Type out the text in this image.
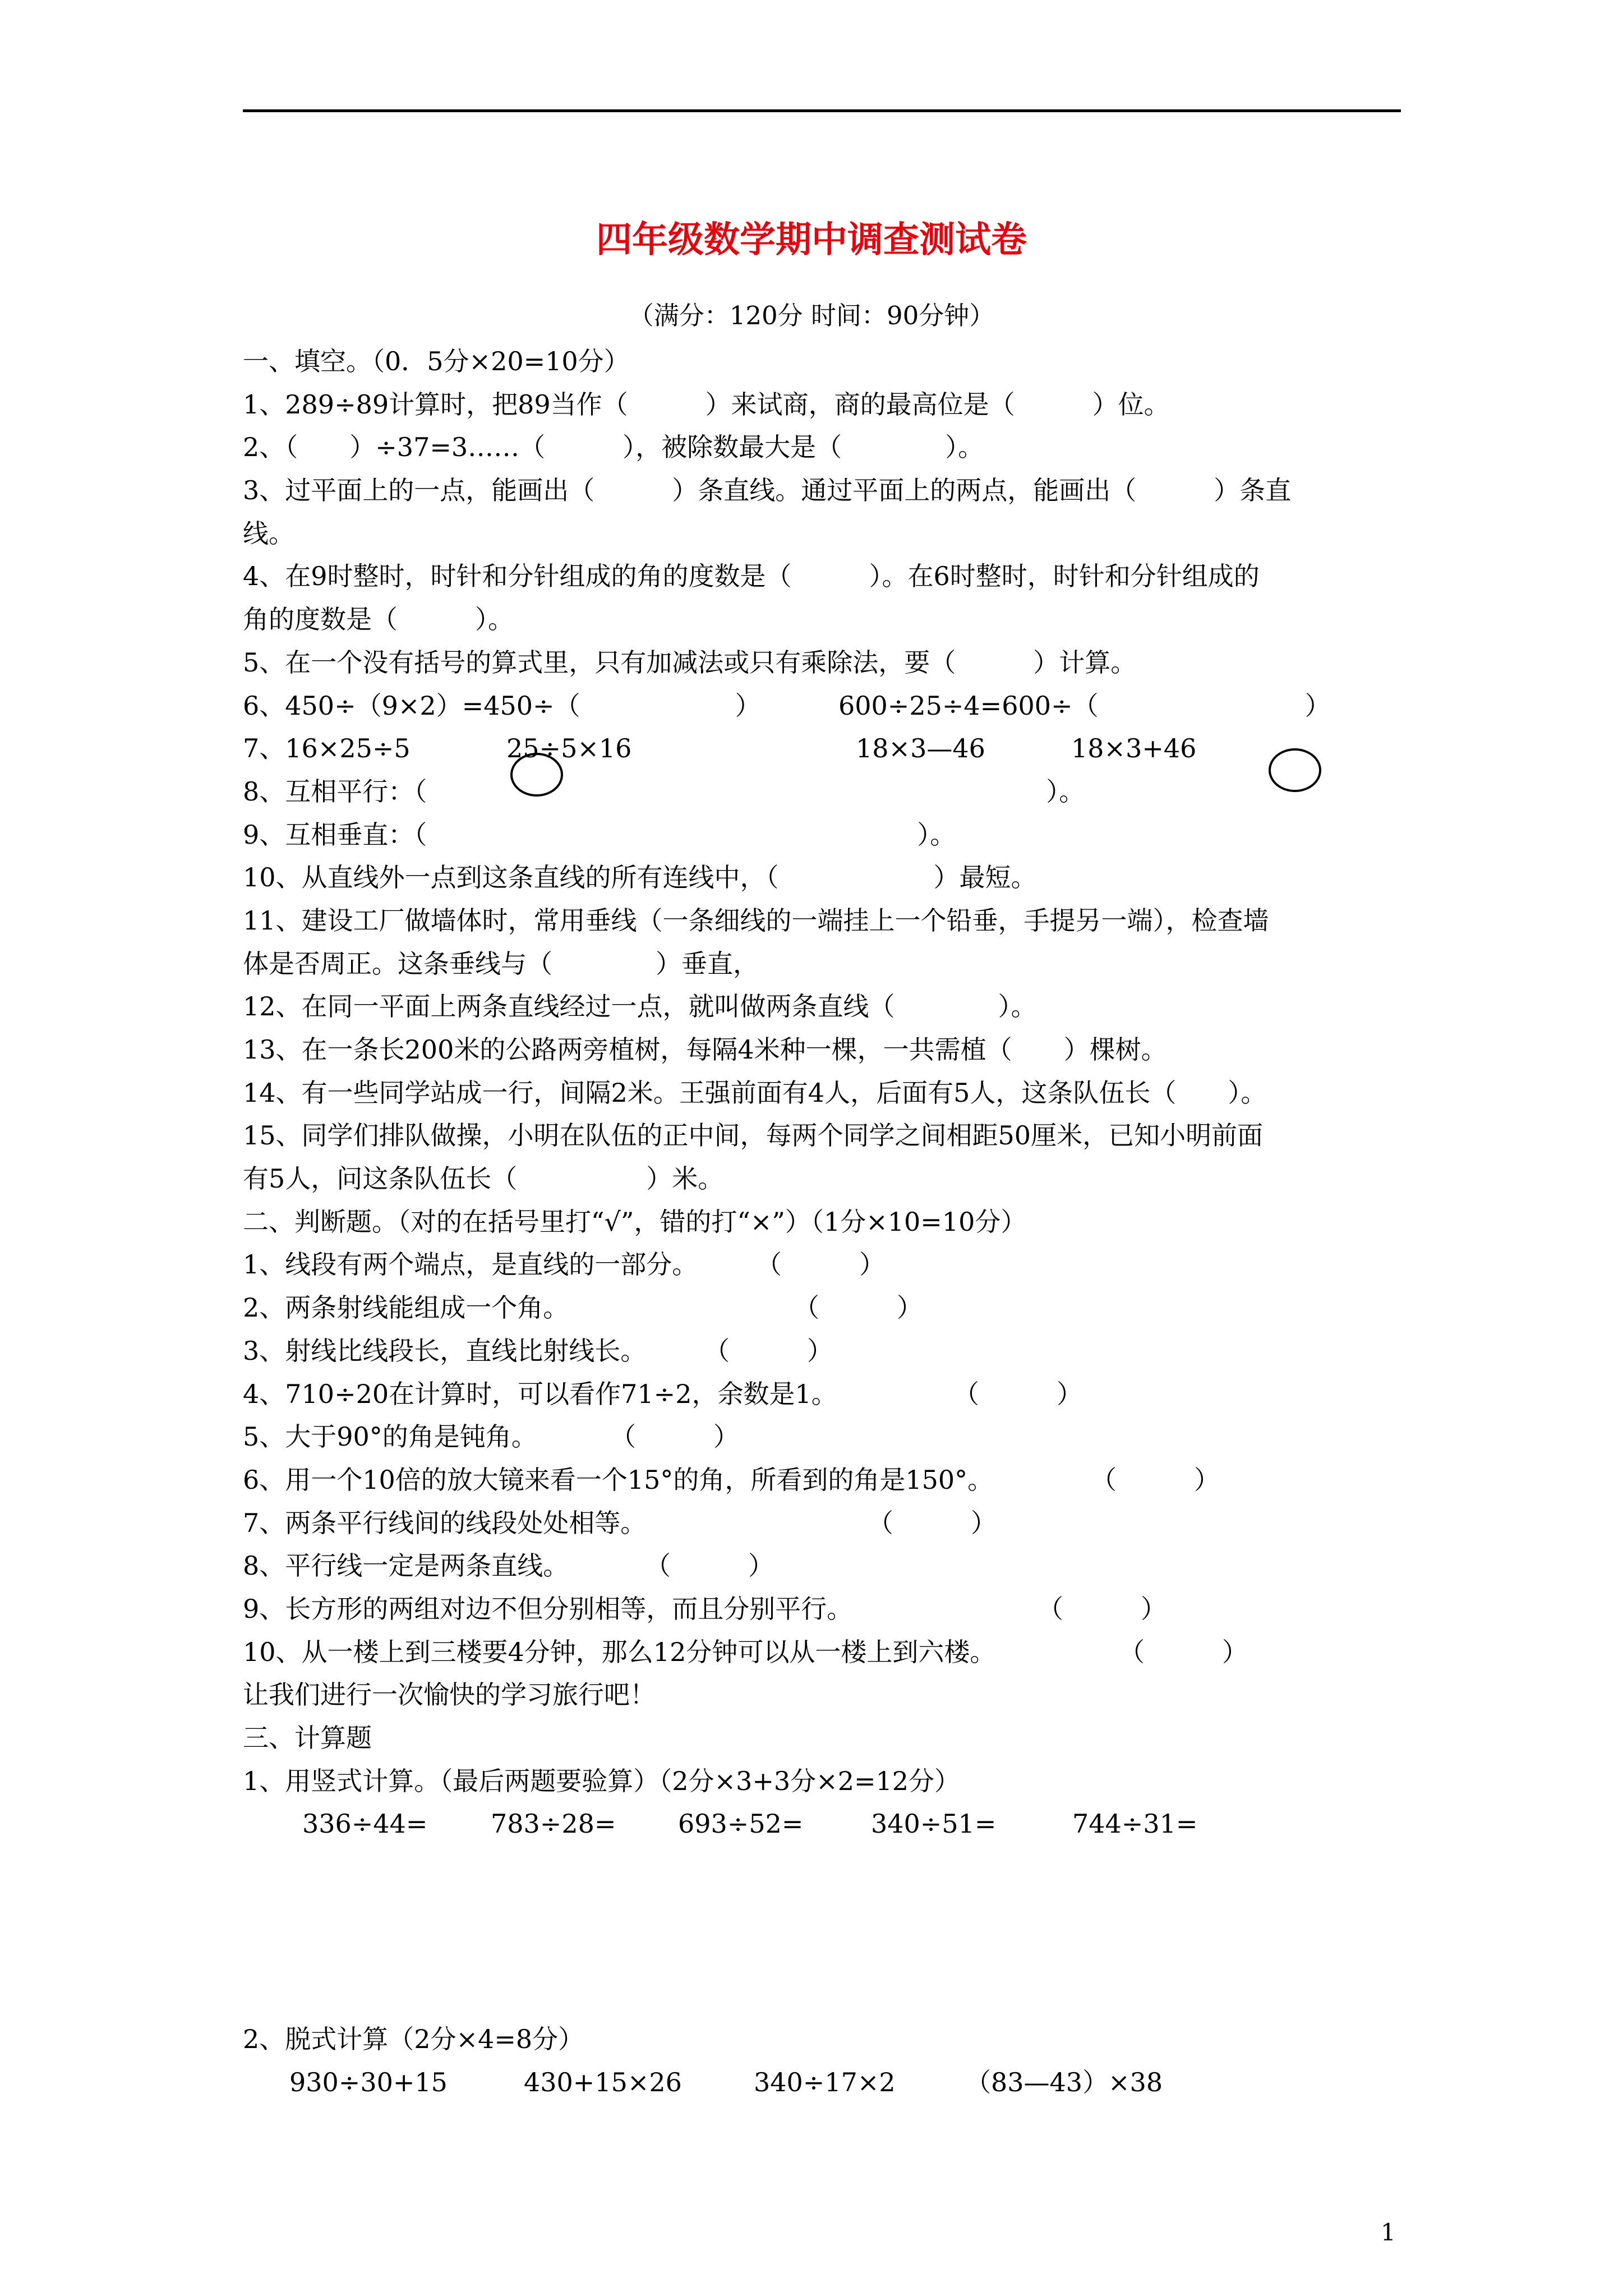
四年级数学期中调查测试卷
（满分：120分 时间：90分钟）
一、填空。（0．5分×20=10分）
1、289÷89计算时，把89当作（　　　）来试商，商的最高位是（　　　）位。
2、（　　）÷37=3……（　　　），被除数最大是（　　　　）。
3、过平面上的一点，能画出（　　　）条直线。通过平面上的两点，能画出（　　　）条直
线。
4、在9时整时，时针和分针组成的角的度数是（　　　）。在6时整时，时针和分针组成的
角的度数是（　　　）。
5、在一个没有括号的算式里，只有加减法或只有乘除法，要（　　　）计算。
6、450÷（9×2）=450÷（　　　　　　）	600÷25÷4=600÷（　　　　　　　　）
7、16×25÷5	25÷5×16	18×3—46	18×3+46
8、互相平行：（　　　　　　　　　　　　　　　　　　　　　　　　）。
9、互相垂直：（　　　　　　　　　　　　　　　　　　　）。
10、从直线外一点到这条直线的所有连线中，（　　　　　　）最短。
11、建设工厂做墙体时，常用垂线（一条细线的一端挂上一个铅垂，手提另一端），检查墙
体是否周正。这条垂线与（　　　　）垂直，
12、在同一平面上两条直线经过一点，就叫做两条直线（　　　　）。
13、在一条长200米的公路两旁植树，每隔4米种一棵，一共需植（　　）棵树。
14、有一些同学站成一行，间隔2米。王强前面有4人，后面有5人，这条队伍长（　　）。
15、同学们排队做操，小明在队伍的正中间，每两个同学之间相距50厘米，已知小明前面
有5人，问这条队伍长（　　　　　）米。
二、判断题。（对的在括号里打“√”，错的打“×”）（1分×10=10分）
1、线段有两个端点，是直线的一部分。 （　　　）
2、两条射线能组成一个角。	（　　　）
3、射线比线段长，直线比射线长。 （　　　）
4、710÷20在计算时，可以看作71÷2，余数是1。	（　　　）
5、大于90°的角是钝角。	（　　　）
6、用一个10倍的放大镜来看一个15°的角，所看到的角是150°。	（　　　）
7、两条平行线间的线段处处相等。	（　　　）
8、平行线一定是两条直线。	（　　　）
9、长方形的两组对边不但分别相等，而且分别平行。	（　　　）
10、从一楼上到三楼要4分钟，那么12分钟可以从一楼上到六楼。	（　　　）
让我们进行一次愉快的学习旅行吧！
三、计算题
1、用竖式计算。（最后两题要验算）（2分×3+3分×2=12分）
336÷44= 783÷28= 693÷52=	340÷51=	744÷31=
2、脱式计算（2分×4=8分）
930÷30+15	430+15×26	340÷17×2	（83—43）×38
1
